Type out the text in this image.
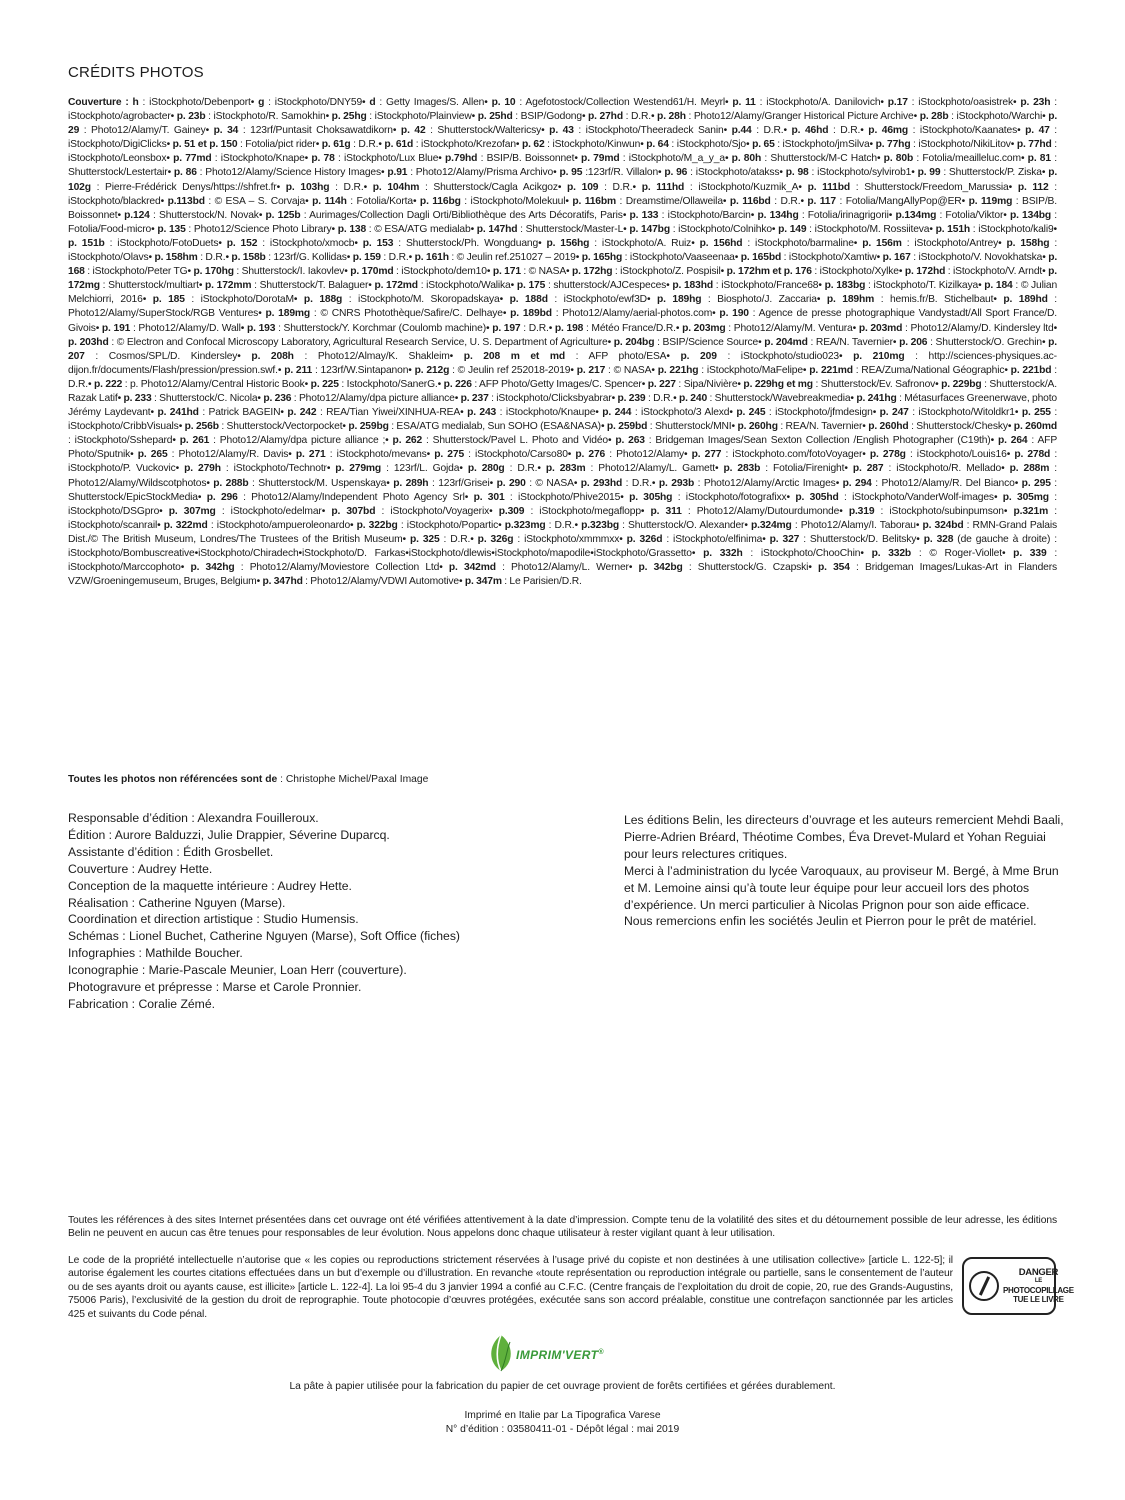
CRÉDITS PHOTOS
Couverture : h : iStockphoto/Debenport• g : iStockphoto/DNY59• d : Getty Images/S. Allen• p. 10 : Agefotostock/Collection Westend61/H. Meyrl• p. 11 : iStockphoto/A. Danilovich• p.17 : iStockphoto/oasistrek• p. 23h : iStockphoto/agrobacter• p. 23b : iStockphoto/R. Samokhin• p. 25hg : iStockphoto/Plainview• p. 25hd : BSIP/Godong• p. 27hd : D.R.• p. 28h : Photo12/Alamy/Granger Historical Picture Archive• p. 28b : iStockphoto/Warchi• p. 29 : Photo12/Alamy/T. Gainey• p. 34 : 123rf/Puntasit Choksawatdikorn• p. 42 : Shutterstock/Waltericsy• p. 43 : iStockphoto/Theeradeck Sanin• p.44 : D.R.• p. 46hd : D.R.• p. 46mg : iStockphoto/Kaanates• p. 47 : iStockphoto/DigiClicks• p. 51 et p. 150 : Fotolia/pict rider• p. 61g : D.R.• p. 61d : iStockphoto/Krezofan• p. 62 : iStockphoto/Kinwun• p. 64 : iStockphoto/Sjo• p. 65 : iStockphoto/jmSilva• p. 77hg : iStockphoto/NikiLitov• p. 77hd : iStockphoto/Leonsbox• p. 77md : iStockphoto/Knape• p. 78 : iStockphoto/Lux Blue• p.79hd : BSIP/B. Boissonnet• p. 79md : iStockphoto/M_a_y_a• p. 80h : Shutterstock/M-C Hatch• p. 80b : Fotolia/meailleluc.com• p. 81 : Shutterstock/Lestertair• p. 86 : Photo12/Alamy/Science History Images• p.91 : Photo12/Alamy/Prisma Archivo• p. 95 :123rf/R. Villalon• p. 96 : iStockphoto/atakss• p. 98 : iStockphoto/sylvirob1• p. 99 : Shutterstock/P. Ziska• p. 102g : Pierre-Frédérick Denys/https://shfret.fr• p. 103hg : D.R.• p. 104hm : Shutterstock/Cagla Acikgoz• p. 109 : D.R.• p. 111hd : iStockphoto/Kuzmik_A• p. 111bd : Shutterstock/Freedom_Marussia• p. 112 : iStockphoto/blackred• p.113bd : © ESA – S. Corvaja• p. 114h : Fotolia/Korta• p. 116bg : iStockphoto/Molekuul• p. 116bm : Dreamstime/Ollaweila• p. 116bd : D.R.• p. 117 : Fotolia/MangAllyPop@ER• p. 119mg : BSIP/B. Boissonnet• p.124 : Shutterstock/N. Novak• p. 125b : Aurimages/Collection Dagli Orti/Bibliothèque des Arts Décoratifs, Paris• p. 133 : iStockphoto/Barcin• p. 134hg : Fotolia/irinagrigorii• p.134mg : Fotolia/Viktor• p. 134bg : Fotolia/Food-micro• p. 135 : Photo12/Science Photo Library• p. 138 : © ESA/ATG medialab• p. 147hd : Shutterstock/Master-L• p. 147bg : iStockphoto/Colnihko• p. 149 : iStockphoto/M. Rossiiteva• p. 151h : iStockphoto/kali9• p. 151b : iStockphoto/FotoDuets• p. 152 : iStockphoto/xmocb• p. 153 : Shutterstock/Ph. Wongduang• p. 156hg : iStockphoto/A. Ruiz• p. 156hd : iStockphoto/barmaline• p. 156m : iStockphoto/Antrey• p. 158hg : iStockphoto/Olavs• p. 158hm : D.R.• p. 158b : 123rf/G. Kollidas• p. 159 : D.R.• p. 161h : © Jeulin ref.251027 – 2019• p. 165hg : iStockphoto/Vaaseenaa• p. 165bd : iStockphoto/Xamtiw• p. 167 : iStockphoto/V. Novokhatska• p. 168 : iStockphoto/Peter TG• p. 170hg : Shutterstock/I. Iakovlev• p. 170md : iStockphoto/dem10• p. 171 : © NASA• p. 172hg : iStockphoto/Z. Pospisil• p. 172hm et p. 176 : iStockphoto/Xylke• p. 172hd : iStockphoto/V. Arndt• p. 172mg : Shutterstock/multiart• p. 172mm : Shutterstock/T. Balaguer• p. 172md : iStockphoto/Walika• p. 175 : shutterstock/AJCespeces• p. 183hd : iStockphoto/France68• p. 183bg : iStockphoto/T. Kizilkaya• p. 184 : © Julian Melchiorri, 2016• p. 185 : iStockphoto/DorotaM• p. 188g : iStockphoto/M. Skoropadskaya• p. 188d : iStockphoto/ewf3D• p. 189hg : Biosphoto/J. Zaccaria• p. 189hm : hemis.fr/B. Stichelbaut• p. 189hd : Photo12/Alamy/SuperStock/RGB Ventures• p. 189mg : © CNRS Photothèque/Safire/C. Delhaye• p. 189bd : Photo12/Alamy/aerial-photos.com• p. 190 : Agence de presse photographique Vandystadt/All Sport France/D. Givois• p. 191 : Photo12/Alamy/D. Wall• p. 193 : Shutterstock/Y. Korchmar (Coulomb machine)• p. 197 : D.R.• p. 198 : Météo France/D.R.• p. 203mg : Photo12/Alamy/M. Ventura• p. 203md : Photo12/Alamy/D. Kindersley ltd• p. 203hd : © Electron and Confocal Microscopy Laboratory, Agricultural Research Service, U. S. Department of Agriculture• p. 204bg : BSIP/Science Source• p. 204md : REA/N. Tavernier• p. 206 : Shutterstock/O. Grechin• p. 207 : Cosmos/SPL/D. Kindersley• p. 208h : Photo12/Almay/K. Shakleim• p. 208 m et md : AFP photo/ESA• p. 209 : iStockphoto/studio023• p. 210mg : http://sciences-physiques.ac-dijon.fr/documents/Flash/pression/pression.swf.• p. 211 : 123rf/W.Sintapanon• p. 212g : © Jeulin ref 252018-2019• p. 217 : © NASA• p. 221hg : iStockphoto/MaFelipe• p. 221md : REA/Zuma/National Géographic• p. 221bd : D.R.• p. 222 : p. Photo12/Alamy/Central Historic Book• p. 225 : Istockphoto/SanerG.• p. 226 : AFP Photo/Getty Images/C. Spencer• p. 227 : Sipa/Nivière• p. 229hg et mg : Shutterstock/Ev. Safronov• p. 229bg : Shutterstock/A. Razak Latif• p. 233 : Shutterstock/C. Nicola• p. 236 : Photo12/Alamy/dpa picture alliance• p. 237 : iStockphoto/Clicksbyabrar• p. 239 : D.R.• p. 240 : Shutterstock/Wavebreakmedia• p. 241hg : Métasurfaces Greenerwave, photo Jérémy Laydevant• p. 241hd : Patrick BAGEIN• p. 242 : REA/Tian Yiwei/XINHUA-REA• p. 243 : iStockphoto/Knaupe• p. 244 : iStockphoto/3 Alexd• p. 245 : iStockphoto/jfmdesign• p. 247 : iStockphoto/Witoldkr1• p. 255 : iStockphoto/CribbVisuals• p. 256b : Shutterstock/Vectorpocket• p. 259bg : ESA/ATG medialab, Sun SOHO (ESA&NASA)• p. 259bd : Shutterstock/MNI• p. 260hg : REA/N. Tavernier• p. 260hd : Shutterstock/Chesky• p. 260md : iStockphoto/Sshepard• p. 261 : Photo12/Alamy/dpa picture alliance ;• p. 262 : Shutterstock/Pavel L. Photo and Vidéo• p. 263 : Bridgeman Images/Sean Sexton Collection /English Photographer (C19th)• p. 264 : AFP Photo/Sputnik• p. 265 : Photo12/Alamy/R. Davis• p. 271 : iStockphoto/mevans• p. 275 : iStockphoto/Carso80• p. 276 : Photo12/Alamy• p. 277 : iStockphoto.com/fotoVoyager• p. 278g : iStockphoto/Louis16• p. 278d : iStockphoto/P. Vuckovic• p. 279h : iStockphoto/Technotr• p. 279mg : 123rf/L. Gojda• p. 280g : D.R.• p. 283m : Photo12/Alamy/L. Gamett• p. 283b : Fotolia/Firenight• p. 287 : iStockphoto/R. Mellado• p. 288m : Photo12/Alamy/Wildscotphotos• p. 288b : Shutterstock/M. Uspenskaya• p. 289h : 123rf/Grisei• p. 290 : © NASA• p. 293hd : D.R.• p. 293b : Photo12/Alamy/Arctic Images• p. 294 : Photo12/Alamy/R. Del Bianco• p. 295 : Shutterstock/EpicStockMedia• p. 296 : Photo12/Alamy/Independent Photo Agency Srl• p. 301 : iStockphoto/Phive2015• p. 305hg : iStockphoto/fotografixx• p. 305hd : iStockphoto/VanderWolf-images• p. 305mg : iStockphoto/DSGpro• p. 307mg : iStockphoto/edelmar• p. 307bd : iStockphoto/Voyagerix• p.309 : iStockphoto/megaflopp• p. 311 : Photo12/Alamy/Dutourdumonde• p.319 : iStockphoto/subinpumson• p.321m : iStockphoto/scanrail• p. 322md : iStockphoto/ampueroleonardo• p. 322bg : iStockphoto/Popartic• p.323mg : D.R.• p.323bg : Shutterstock/O. Alexander• p.324mg : Photo12/Alamy/I. Taborau• p. 324bd : RMN-Grand Palais Dist./© The British Museum, Londres/The Trustees of the British Museum• p. 325 : D.R.• p. 326g : iStockphoto/xmmmxx• p. 326d : iStockphoto/elfinima• p. 327 : Shutterstock/D. Belitsky• p. 328 (de gauche à droite) : iStockphoto/Bombuscreative•iStockphoto/Chiradech•iStockphoto/D. Farkas•iStockphoto/dlewis•iStockphoto/mapodile•iStockphoto/Grassetto• p. 332h : iStockphoto/ChooChin• p. 332b : © Roger-Viollet• p. 339 : iStockphoto/Marccophoto• p. 342hg : Photo12/Alamy/Moviestore Collection Ltd• p. 342md : Photo12/Alamy/L. Werner• p. 342bg : Shutterstock/G. Czapski• p. 354 : Bridgeman Images/Lukas-Art in Flanders VZW/Groeningemuseum, Bruges, Belgium• p. 347hd : Photo12/Alamy/VDWI Automotive• p. 347m : Le Parisien/D.R.
Toutes les photos non référencées sont de : Christophe Michel/Paxal Image
Responsable d’édition : Alexandra Fouilleroux.
Édition : Aurore Balduzzi, Julie Drappier, Séverine Duparcq.
Assistante d’édition : Édith Grosbellet.
Couverture : Audrey Hette.
Conception de la maquette intérieure : Audrey Hette.
Réalisation : Catherine Nguyen (Marse).
Coordination et direction artistique : Studio Humensis.
Schémas : Lionel Buchet, Catherine Nguyen (Marse), Soft Office (fiches)
Infographies : Mathilde Boucher.
Iconographie : Marie-Pascale Meunier, Loan Herr (couverture).
Photogravure et prépresse : Marse et Carole Pronnier.
Fabrication : Coralie Zémé.

Les éditions Belin, les directeurs d’ouvrage et les auteurs remercient Mehdi Baali, Pierre-Adrien Bréard, Théotime Combes, Éva Drevet-Mulard et Yohan Reguiai pour leurs relectures critiques.

Merci à l’administration du lycée Varoquaux, au proviseur M. Bergé, à Mme Brun et M. Lemoine ainsi qu’à toute leur équipe pour leur accueil lors des photos d’expérience. Un merci particulier à Nicolas Prignon pour son aide efficace.

Nous remercions enfin les sociétés Jeulin et Pierron pour le prêt de matériel.

Toutes les références à des sites Internet présentées dans cet ouvrage ont été vérifiées attentivement à la date d’impression. Compte tenu de la volatilité des sites et du détournement possible de leur adresse, les éditions Belin ne peuvent en aucun cas être tenues pour responsables de leur évolution. Nous appelons donc chaque utilisateur à rester vigilant quant à leur utilisation.
Le code de la propriété intellectuelle n’autorise que « les copies ou reproductions strictement réservées à l’usage privé du copiste et non destinées à une utilisation collective» [article L. 122-5]; il autorise également les courtes citations effectuées dans un but d’exemple ou d’illustration. En revanche «toute représentation ou reproduction intégrale ou partielle, sans le consentement de l’auteur ou de ses ayants droit ou ayants cause, est illicite» [article L. 122-4]. La loi 95-4 du 3 janvier 1994 a confié au C.F.C. (Centre français de l’exploitation du droit de copie, 20, rue des Grands-Augustins, 75006 Paris), l’exclusivité de la gestion du droit de reprographie. Toute photocopie d’œuvres protégées, exécutée sans son accord préalable, constitue une contrefaçon sanctionnée par les articles 425 et suivants du Code pénal.
DANGER
LE
PHOTOCOPILLAGE TUE LE LIVRE
IMPRIM'VERT®
La pâte à papier utilisée pour la fabrication du papier de cet ouvrage provient de forêts certifiées et gérées durablement.
Imprimé en Italie par La Tipografica Varese
N° d’édition : 03580411-01 - Dépôt légal : mai 2019
